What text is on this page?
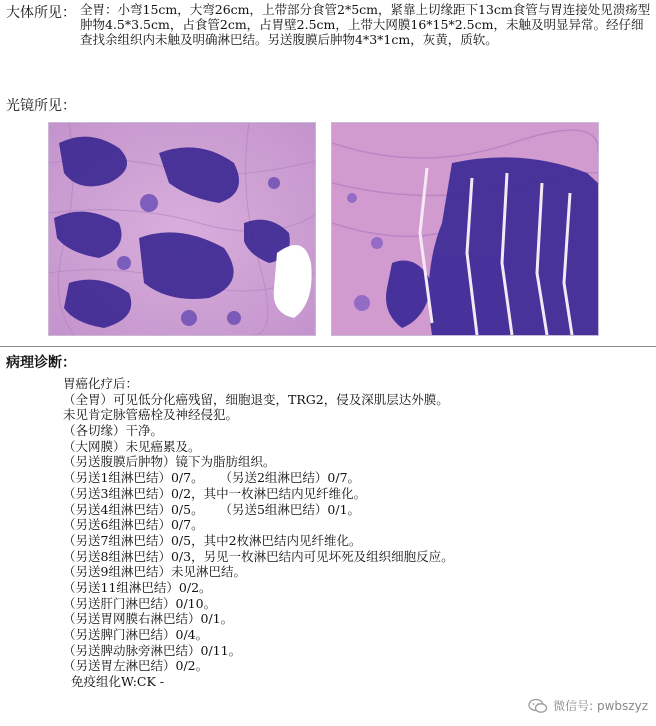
大体所见： 全胃：小弯15cm，大弯26cm，上带部分食管2*5cm，紧靠上切缘距下13cm食管与胃连接处见溃疡型肿物4.5*3.5cm，占食管2cm，占胃壁2.5cm，上带大网膜16*15*2.5cm，未触及明显异常。经仔细查找余组织内未触及明确淋巴结。另送腹膜后肿物4*3*1cm，灰黄，质软。
光镜所见：
病理诊断：
胃癌化疗后：
（全胃）可见低分化癌残留，细胞退变，TRG2，侵及深肌层达外膜。
未见肯定脉管癌栓及神经侵犯。
（各切缘）干净。
（大网膜）未见癌累及。
（另送腹膜后肿物）镜下为脂肪组织。
（另送1组淋巴结）0/7。    （另送2组淋巴结）0/7。
（另送3组淋巴结）0/2，其中一枚淋巴结内见纤维化。
（另送4组淋巴结）0/5。    （另送5组淋巴结）0/1。
（另送6组淋巴结）0/7。
（另送7组淋巴结）0/5，其中2枚淋巴结内见纤维化。
（另送8组淋巴结）0/3，另见一枚淋巴结内可见坏死及组织细胞反应。
（另送9组淋巴结）未见淋巴结。
（另送11组淋巴结）0/2。
（另送肝门淋巴结）0/10。
（另送胃网膜右淋巴结）0/1。
（另送脾门淋巴结）0/4。
（另送脾动脉旁淋巴结）0/11。
（另送胃左淋巴结）0/2。
免疫组化W:CK -
微信号: pwbszyz
